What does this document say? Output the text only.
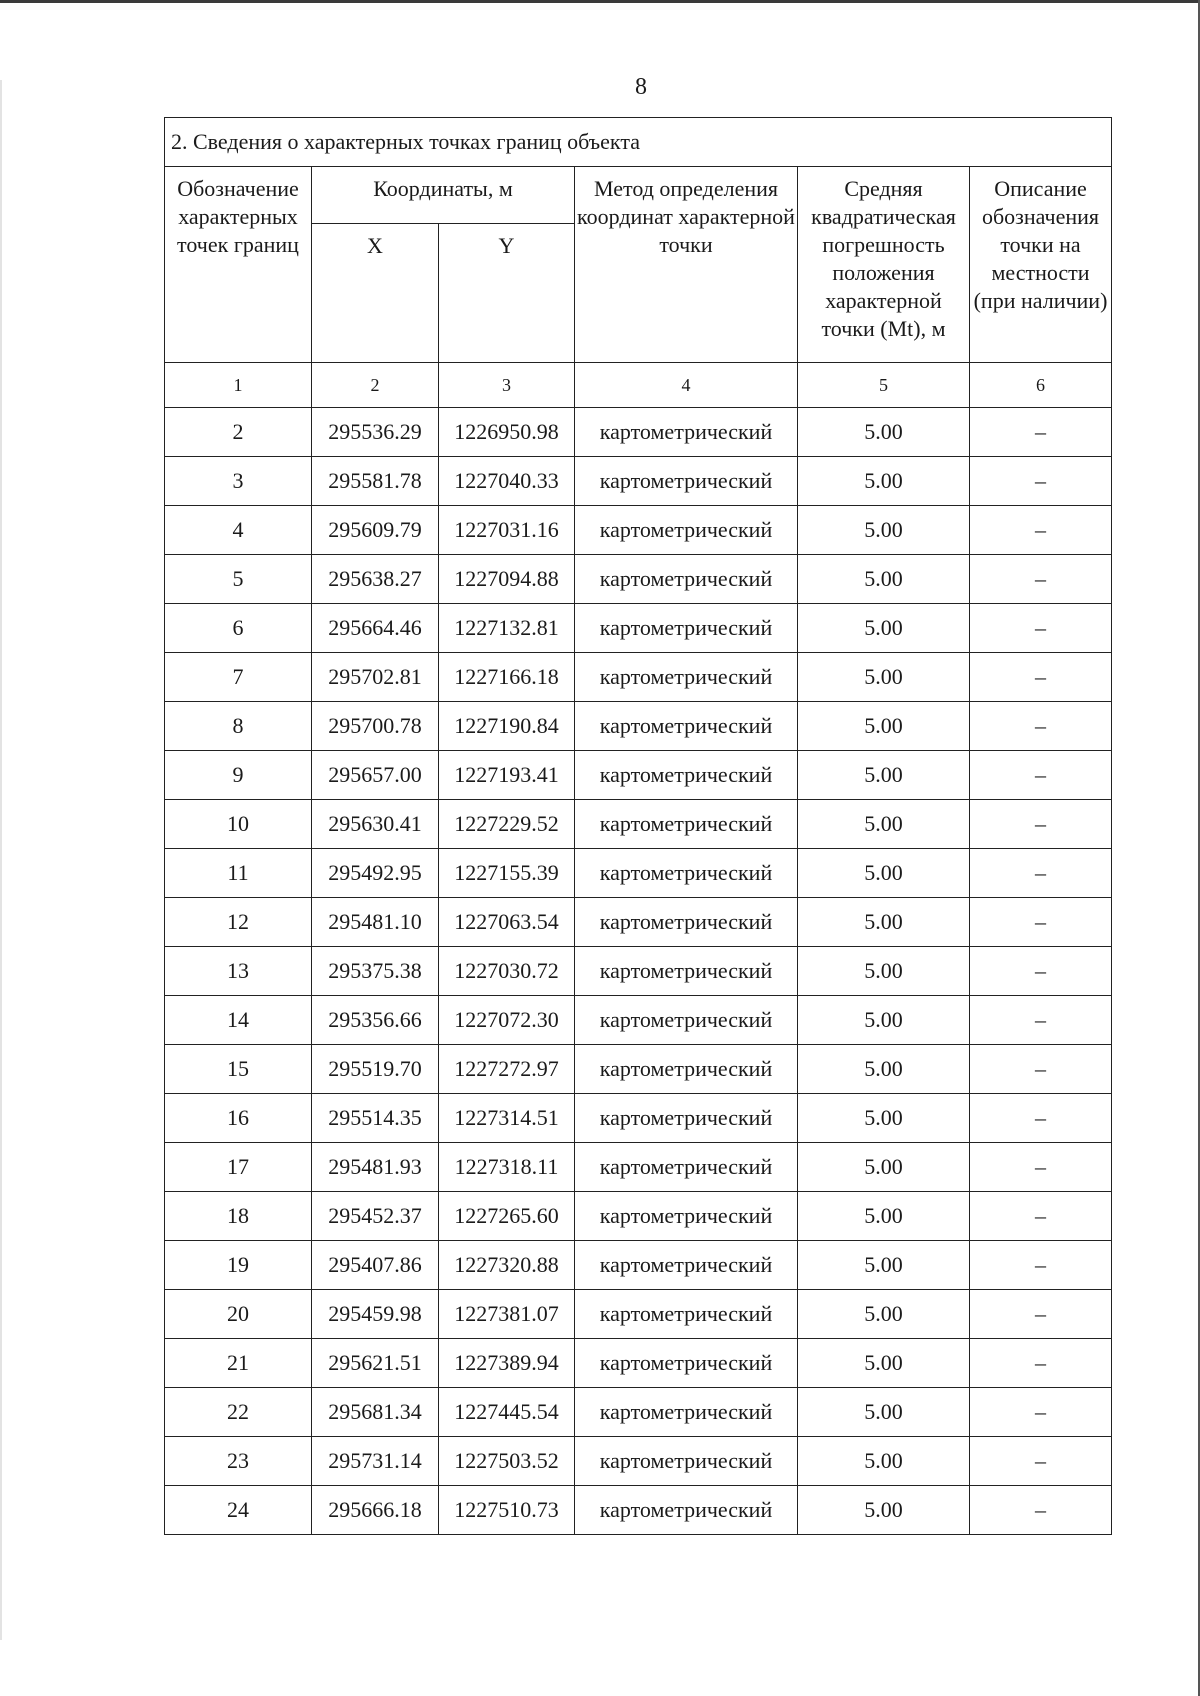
8
2. Сведения о характерных точках границ объекта					
Обозначение характерных точек границ	Координаты, м		Метод определения координат характерной точки	Средняя квадратическая погрешность положения характерной точки (Mt), м	Описание обозначения точки на местности (при наличии)
	X	Y			
1	2	3	4	5	6
2	295536.29	1226950.98	картометрический	5.00	–
3	295581.78	1227040.33	картометрический	5.00	–
4	295609.79	1227031.16	картометрический	5.00	–
5	295638.27	1227094.88	картометрический	5.00	–
6	295664.46	1227132.81	картометрический	5.00	–
7	295702.81	1227166.18	картометрический	5.00	–
8	295700.78	1227190.84	картометрический	5.00	–
9	295657.00	1227193.41	картометрический	5.00	–
10	295630.41	1227229.52	картометрический	5.00	–
11	295492.95	1227155.39	картометрический	5.00	–
12	295481.10	1227063.54	картометрический	5.00	–
13	295375.38	1227030.72	картометрический	5.00	–
14	295356.66	1227072.30	картометрический	5.00	–
15	295519.70	1227272.97	картометрический	5.00	–
16	295514.35	1227314.51	картометрический	5.00	–
17	295481.93	1227318.11	картометрический	5.00	–
18	295452.37	1227265.60	картометрический	5.00	–
19	295407.86	1227320.88	картометрический	5.00	–
20	295459.98	1227381.07	картометрический	5.00	–
21	295621.51	1227389.94	картометрический	5.00	–
22	295681.34	1227445.54	картометрический	5.00	–
23	295731.14	1227503.52	картометрический	5.00	–
24	295666.18	1227510.73	картометрический	5.00	–
